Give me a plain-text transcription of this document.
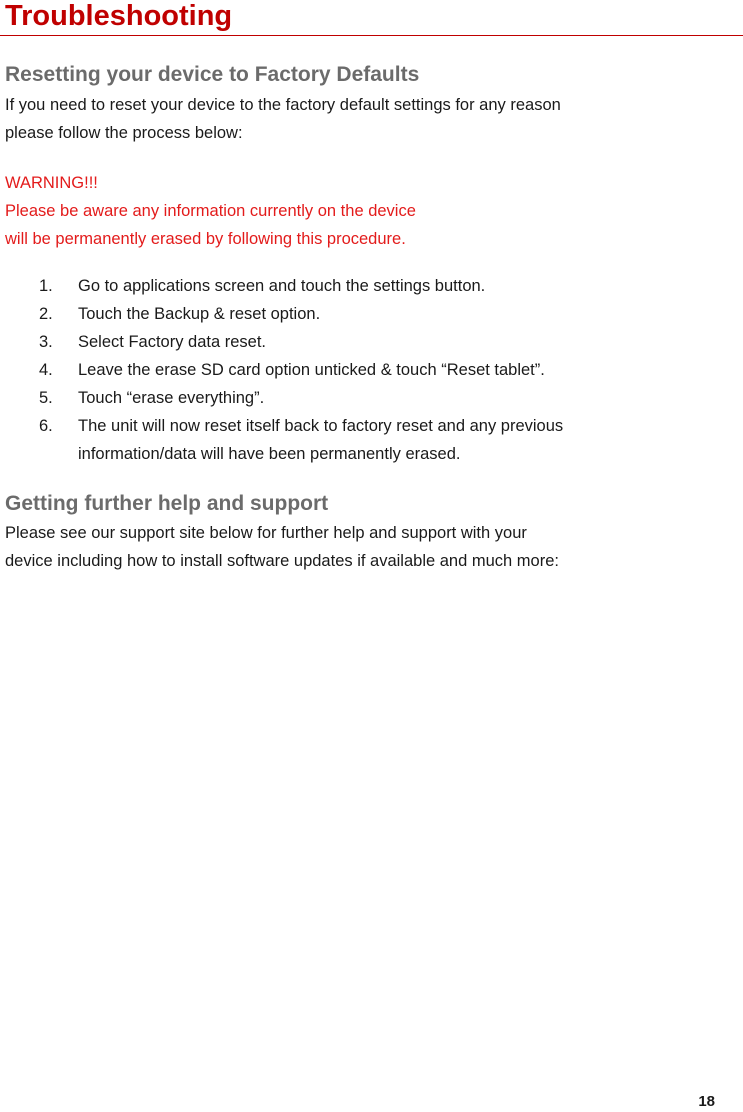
Troubleshooting
Resetting your device to Factory Defaults

If you need to reset your device to the factory default settings for any reason

please follow the process below:

WARNING!!!

Please be aware any information currently on the device

will be permanently erased by following this procedure.

1. Go to applications screen and touch the settings button.
2. Touch the Backup & reset option.
3. Select Factory data reset.
4. Leave the erase SD card option unticked & touch “Reset tablet”.
5. Touch “erase everything”.
6. The unit will now reset itself back to factory reset and any previous
information/data will have been permanently erased.
Getting further help and support

Please see our support site below for further help and support with your

device including how to install software updates if available and much more:

18
